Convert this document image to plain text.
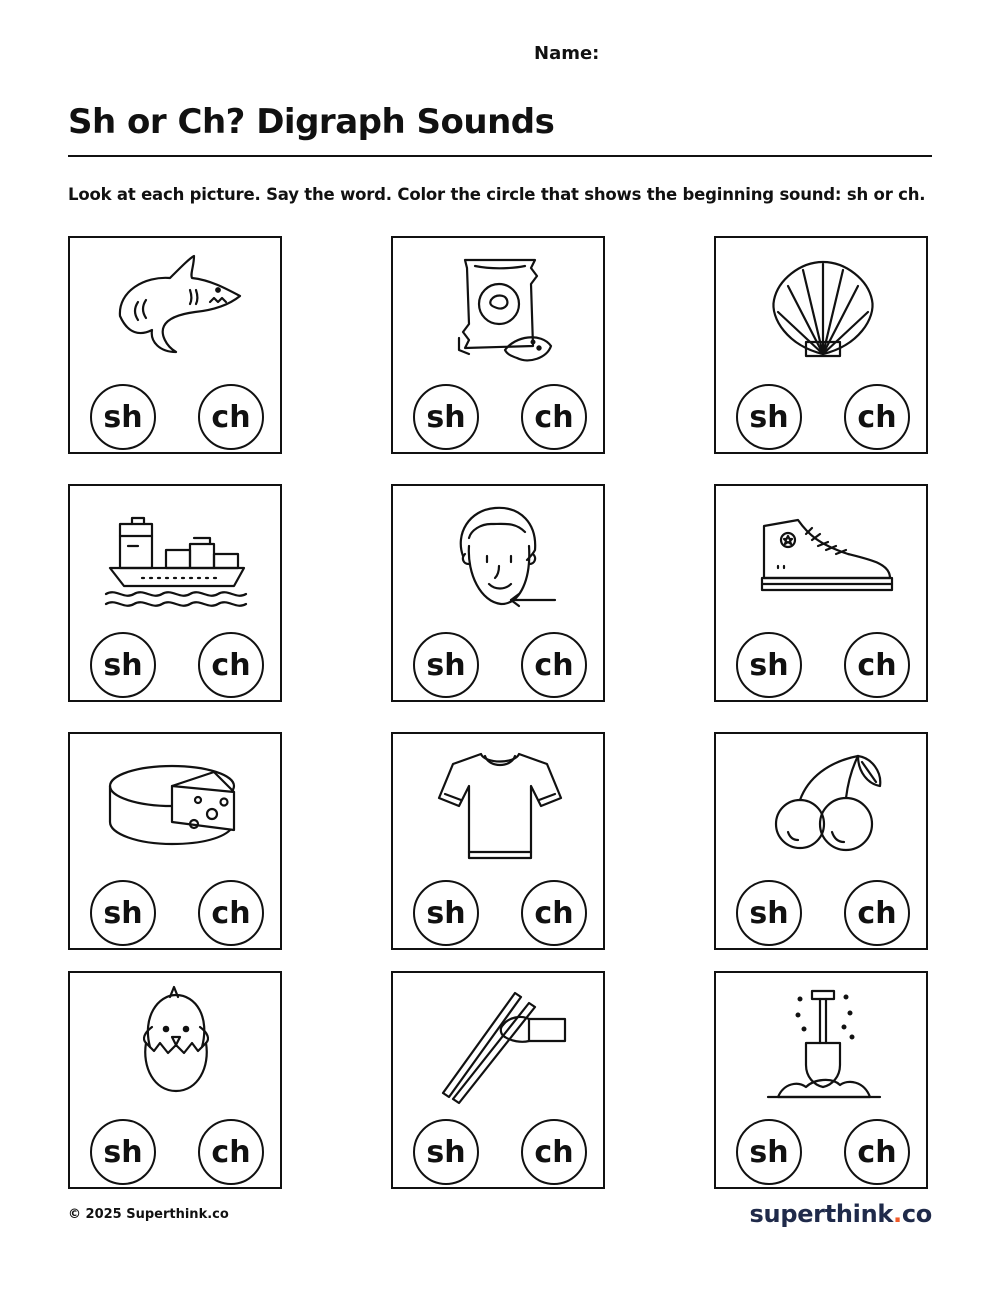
Name:
Sh or Ch? Digraph Sounds
Look at each picture. Say the word. Color the circle that shows the beginning sound: sh or ch.
sh	ch	sh	ch	sh	ch
sh	ch	sh	ch	sh	ch
sh	ch	sh	ch	sh	ch
sh	ch	sh	ch	sh	ch
© 2025 Superthink.co	superthink.co
